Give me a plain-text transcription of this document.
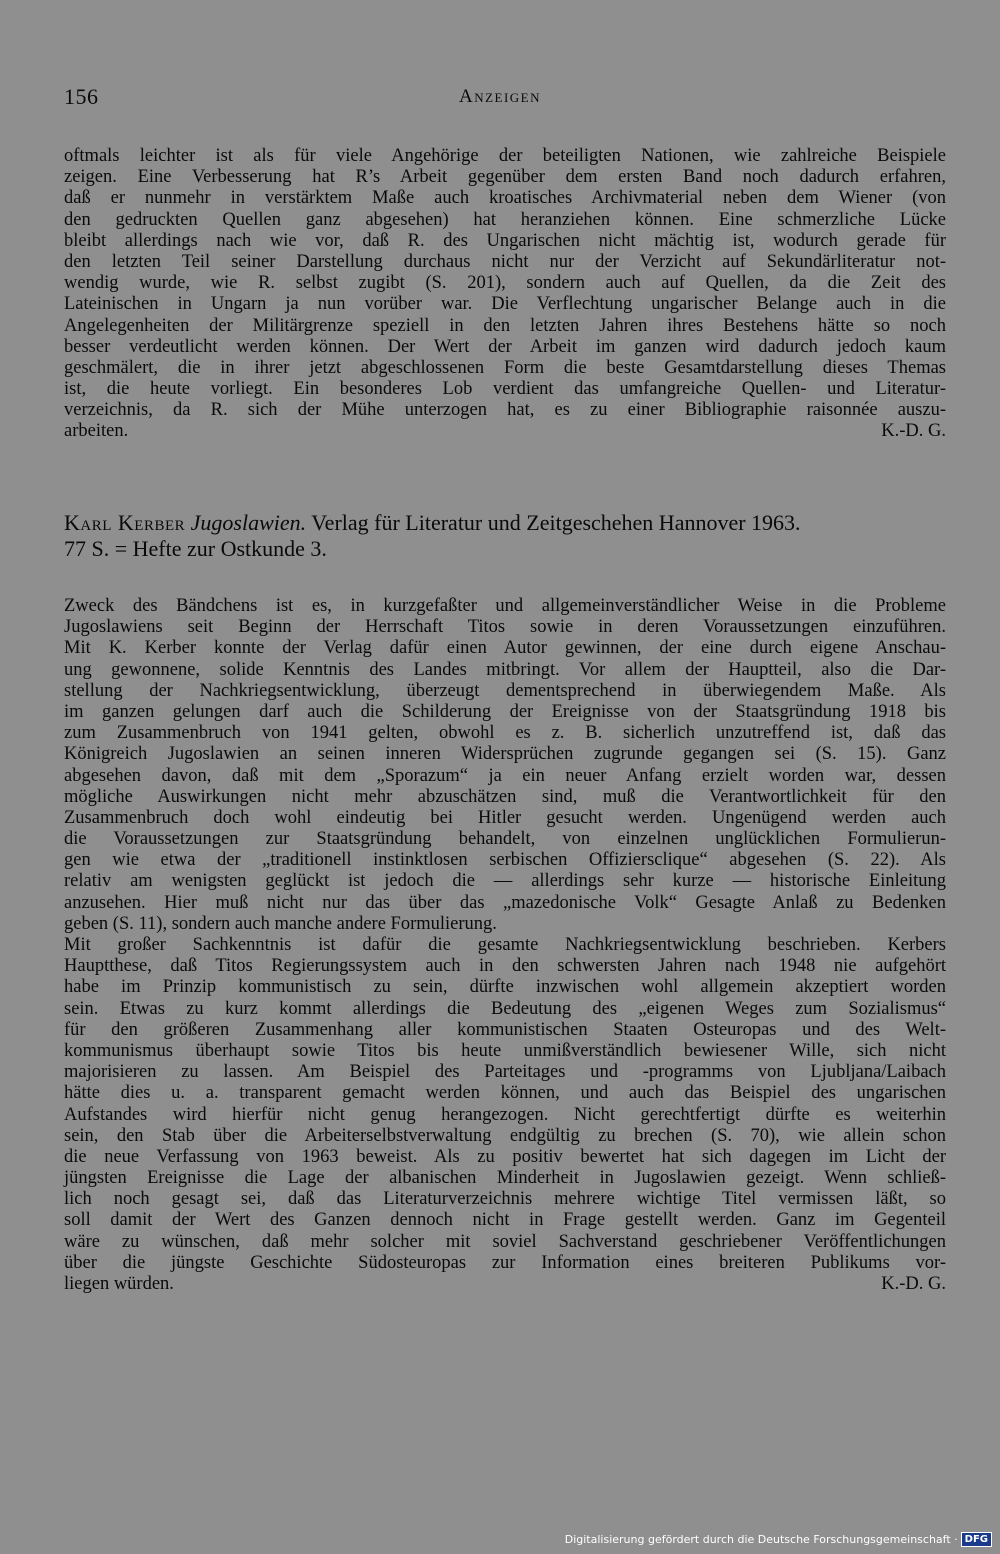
156	Anzeigen
oftmals leichter ist als für viele Angehörige der beteiligten Nationen, wie zahlreiche Beispiele
zeigen. Eine Verbesserung hat R’s Arbeit gegenüber dem ersten Band noch dadurch erfahren,
daß er nunmehr in verstärktem Maße auch kroatisches Archivmaterial neben dem Wiener (von
den gedruckten Quellen ganz abgesehen) hat heranziehen können. Eine schmerzliche Lücke
bleibt allerdings nach wie vor, daß R. des Ungarischen nicht mächtig ist, wodurch gerade für
den letzten Teil seiner Darstellung durchaus nicht nur der Verzicht auf Sekundärliteratur not-
wendig wurde, wie R. selbst zugibt (S. 201), sondern auch auf Quellen, da die Zeit des
Lateinischen in Ungarn ja nun vorüber war. Die Verflechtung ungarischer Belange auch in die
Angelegenheiten der Militärgrenze speziell in den letzten Jahren ihres Bestehens hätte so noch
besser verdeutlicht werden können. Der Wert der Arbeit im ganzen wird dadurch jedoch kaum
geschmälert, die in ihrer jetzt abgeschlossenen Form die beste Gesamtdarstellung dieses Themas
ist, die heute vorliegt. Ein besonderes Lob verdient das umfangreiche Quellen- und Literatur-
verzeichnis, da R. sich der Mühe unterzogen hat, es zu einer Bibliographie raisonnée auszu-
arbeiten.	K.-D. G.
Karl Kerber Jugoslawien. Verlag für Literatur und Zeitgeschehen Hannover 1963.
77 S. = Hefte zur Ostkunde 3.
Zweck des Bändchens ist es, in kurzgefaßter und allgemeinverständlicher Weise in die Probleme
Jugoslawiens seit Beginn der Herrschaft Titos sowie in deren Voraussetzungen einzuführen.
Mit K. Kerber konnte der Verlag dafür einen Autor gewinnen, der eine durch eigene Anschau-
ung gewonnene, solide Kenntnis des Landes mitbringt. Vor allem der Hauptteil, also die Dar-
stellung der Nachkriegsentwicklung, überzeugt dementsprechend in überwiegendem Maße. Als
im ganzen gelungen darf auch die Schilderung der Ereignisse von der Staatsgründung 1918 bis
zum Zusammenbruch von 1941 gelten, obwohl es z. B. sicherlich unzutreffend ist, daß das
Königreich Jugoslawien an seinen inneren Widersprüchen zugrunde gegangen sei (S. 15). Ganz
abgesehen davon, daß mit dem „Sporazum“ ja ein neuer Anfang erzielt worden war, dessen
mögliche Auswirkungen nicht mehr abzuschätzen sind, muß die Verantwortlichkeit für den
Zusammenbruch doch wohl eindeutig bei Hitler gesucht werden. Ungenügend werden auch
die Voraussetzungen zur Staatsgründung behandelt, von einzelnen unglücklichen Formulierun-
gen wie etwa der „traditionell instinktlosen serbischen Offiziersclique“ abgesehen (S. 22). Als
relativ am wenigsten geglückt ist jedoch die — allerdings sehr kurze — historische Einleitung
anzusehen. Hier muß nicht nur das über das „mazedonische Volk“ Gesagte Anlaß zu Bedenken
geben (S. 11), sondern auch manche andere Formulierung.
Mit großer Sachkenntnis ist dafür die gesamte Nachkriegsentwicklung beschrieben. Kerbers
Hauptthese, daß Titos Regierungssystem auch in den schwersten Jahren nach 1948 nie aufgehört
habe im Prinzip kommunistisch zu sein, dürfte inzwischen wohl allgemein akzeptiert worden
sein. Etwas zu kurz kommt allerdings die Bedeutung des „eigenen Weges zum Sozialismus“
für den größeren Zusammenhang aller kommunistischen Staaten Osteuropas und des Welt-
kommunismus überhaupt sowie Titos bis heute unmißverständlich bewiesener Wille, sich nicht
majorisieren zu lassen. Am Beispiel des Parteitages und -programms von Ljubljana/Laibach
hätte dies u. a. transparent gemacht werden können, und auch das Beispiel des ungarischen
Aufstandes wird hierfür nicht genug herangezogen. Nicht gerechtfertigt dürfte es weiterhin
sein, den Stab über die Arbeiterselbstverwaltung endgültig zu brechen (S. 70), wie allein schon
die neue Verfassung von 1963 beweist. Als zu positiv bewertet hat sich dagegen im Licht der
jüngsten Ereignisse die Lage der albanischen Minderheit in Jugoslawien gezeigt. Wenn schließ-
lich noch gesagt sei, daß das Literaturverzeichnis mehrere wichtige Titel vermissen läßt, so
soll damit der Wert des Ganzen dennoch nicht in Frage gestellt werden. Ganz im Gegenteil
wäre zu wünschen, daß mehr solcher mit soviel Sachverstand geschriebener Veröffentlichungen
über die jüngste Geschichte Südosteuropas zur Information eines breiteren Publikums vor-
liegen würden.	K.-D. G.
Digitalisierung gefördert durch die Deutsche Forschungsgemeinschaft · DFG
